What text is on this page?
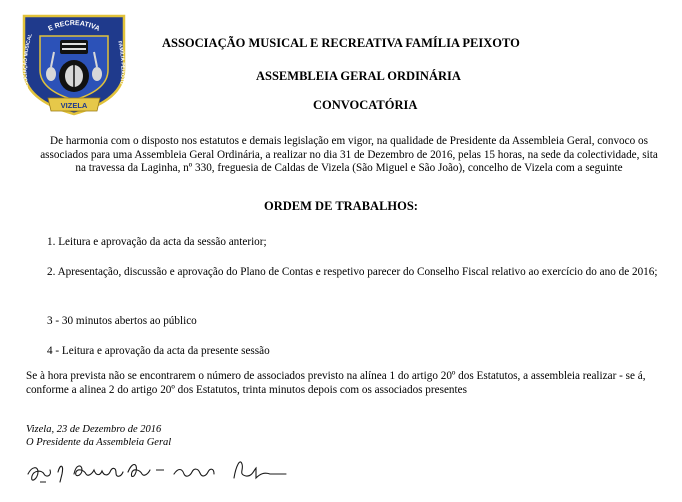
E RECREATIVA
ASSOCIAÇÃO MUSICAL
FAMÍLIA PEIXOTO
VIZELA
ASSOCIAÇÃO MUSICAL E RECREATIVA FAMÍLIA PEIXOTO
ASSEMBLEIA GERAL ORDINÁRIA
CONVOCATÓRIA
De harmonia com o disposto nos estatutos e demais legislação em vigor, na qualidade de Presidente da Assembleia Geral, convoco os associados para uma Assembleia Geral Ordinária, a realizar no dia 31 de Dezembro de 2016, pelas 15 horas, na sede da colectividade, sita na travessa da Laginha, nº 330, freguesia de Caldas de Vizela (São Miguel e São João), concelho de Vizela com a seguinte
ORDEM DE TRABALHOS:
1. Leitura e aprovação da acta da sessão anterior;
2. Apresentação, discussão e aprovação do Plano de Contas e respetivo parecer do Conselho Fiscal relativo ao exercício do ano de 2016;
3 - 30 minutos abertos ao público
4 - Leitura e aprovação da acta da presente sessão
Se à hora prevista não se encontrarem o número de associados previsto na alínea 1 do artigo 20º dos Estatutos, a assembleia realizar - se á, conforme a alinea 2 do artigo 20º dos Estatutos, trinta minutos depois com os associados presentes
Vizela, 23 de Dezembro de 2016
O Presidente da Assembleia Geral
